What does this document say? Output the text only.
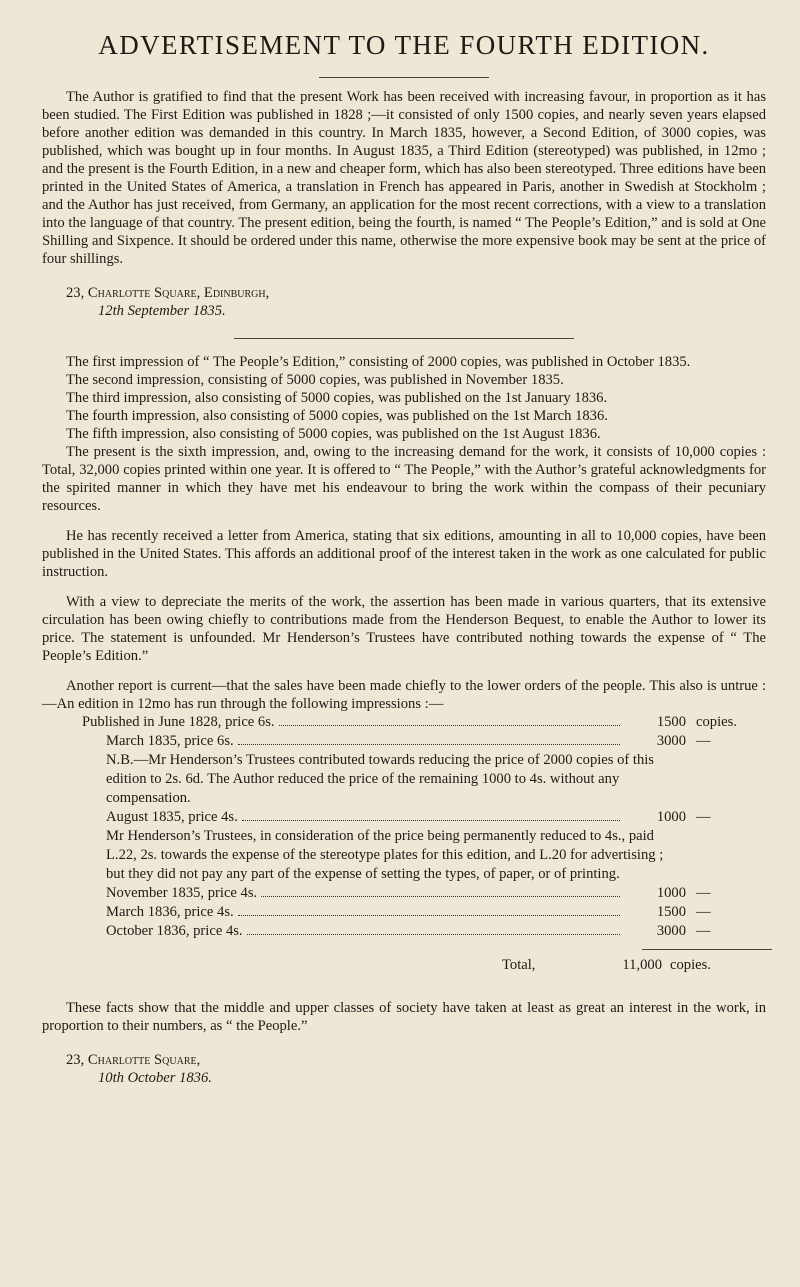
ADVERTISEMENT TO THE FOURTH EDITION.

The Author is gratified to find that the present Work has been received with increasing favour, in proportion as it has been studied. The First Edition was published in 1828 ;—it consisted of only 1500 copies, and nearly seven years elapsed before another edition was demanded in this country. In March 1835, however, a Second Edition, of 3000 copies, was published, which was bought up in four months. In August 1835, a Third Edition (stereotyped) was published, in 12mo ; and the present is the Fourth Edition, in a new and cheaper form, which has also been stereotyped. Three editions have been printed in the United States of America, a translation in French has appeared in Paris, another in Swedish at Stockholm ; and the Author has just received, from Germany, an application for the most recent corrections, with a view to a translation into the language of that country. The present edition, being the fourth, is named “ The People’s Edition,” and is sold at One Shilling and Sixpence. It should be ordered under this name, otherwise the more expensive book may be sent at the price of four shillings.

23, Charlotte Square, Edinburgh,
12th September 1835.

The first impression of “ The People’s Edition,” consisting of 2000 copies, was published in October 1835.

The second impression, consisting of 5000 copies, was published in November 1835.

The third impression, also consisting of 5000 copies, was published on the 1st January 1836.

The fourth impression, also consisting of 5000 copies, was published on the 1st March 1836.

The fifth impression, also consisting of 5000 copies, was published on the 1st August 1836.

The present is the sixth impression, and, owing to the increasing demand for the work, it consists of 10,000 copies : Total, 32,000 copies printed within one year. It is offered to “ The People,” with the Author’s grateful acknowledgments for the spirited manner in which they have met his endeavour to bring the work within the compass of their pecuniary resources.

He has recently received a letter from America, stating that six editions, amounting in all to 10,000 copies, have been published in the United States. This affords an additional proof of the interest taken in the work as one calculated for public instruction.

With a view to depreciate the merits of the work, the assertion has been made in various quarters, that its extensive circulation has been owing chiefly to contributions made from the Henderson Bequest, to enable the Author to lower its price. The statement is unfounded. Mr Henderson’s Trustees have contributed nothing towards the expense of “ The People’s Edition.”

Another report is current—that the sales have been made chiefly to the lower orders of the people. This also is untrue :—An edition in 12mo has run through the following impressions :—

Published in June 1828, price 6s.	1500 copies.
March 1835, price 6s.	3000 —
N.B.—Mr Henderson’s Trustees contributed towards reducing the price of 2000 copies of this edition to 2s. 6d. The Author reduced the price of the remaining 1000 to 4s. without any compensation.
August 1835, price 4s.	1000 —
Mr Henderson’s Trustees, in consideration of the price being permanently reduced to 4s., paid L.22, 2s. towards the expense of the stereotype plates for this edition, and L.20 for advertising ; but they did not pay any part of the expense of setting the types, of paper, or of printing.
November 1835, price 4s.	1000 —
March 1836, price 4s.	1500 —
October 1836, price 4s.	3000 —
Total,	11,000 copies.

These facts show that the middle and upper classes of society have taken at least as great an interest in the work, in proportion to their numbers, as “ the People.”

23, Charlotte Square,
10th October 1836.
